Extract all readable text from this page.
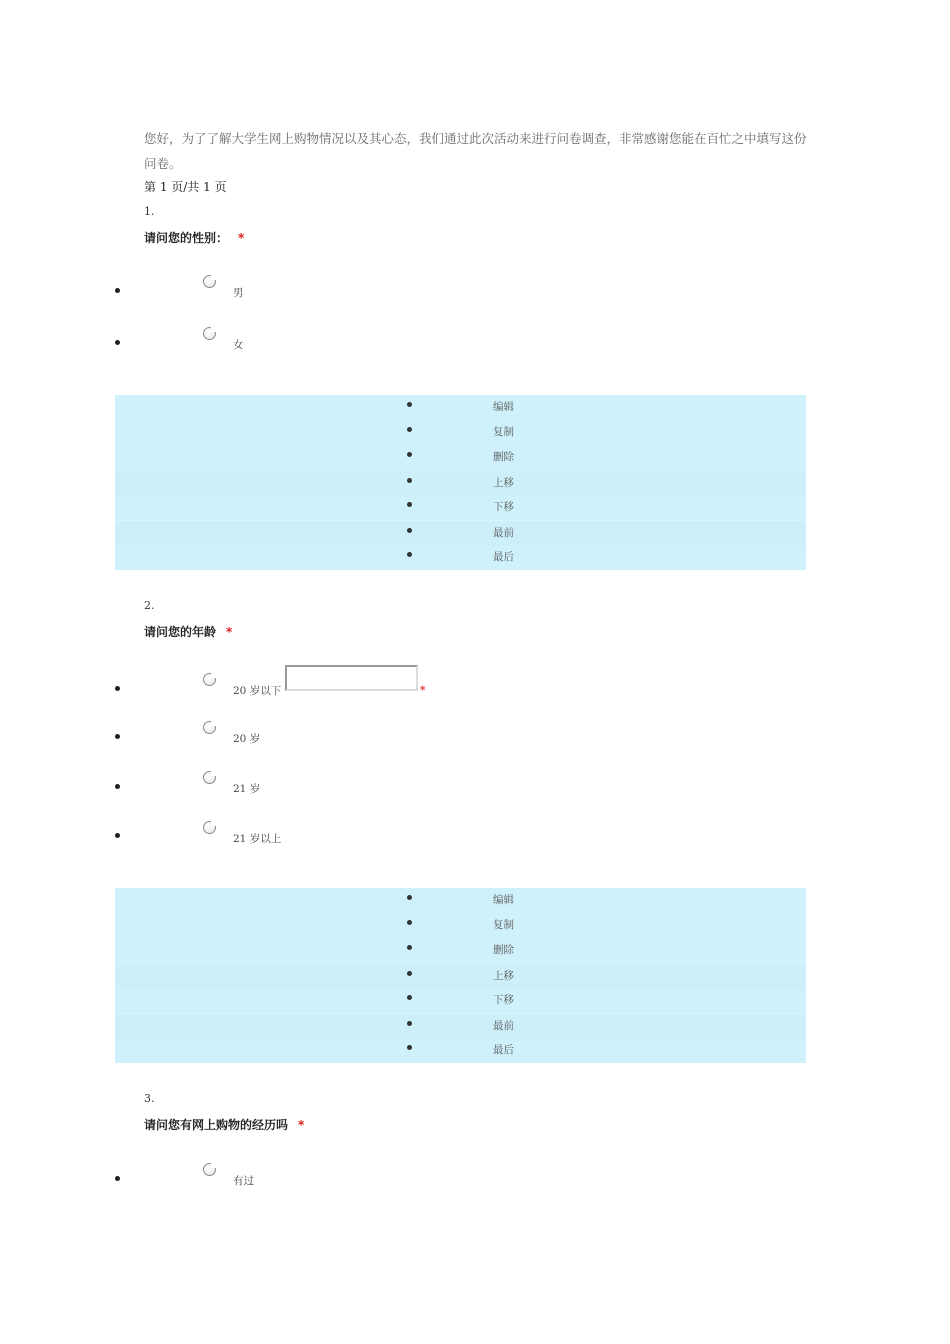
您好，为了了解大学生网上购物情况以及其心态，我们通过此次活动来进行问卷调查，非常感谢您能在百忙之中填写这份问卷。
第 1 页/共 1 页
1.
请问您的性别： *
男
女
编辑
复制
删除
上移
下移
最前
最后
2.
请问您的年龄 *
20 岁以下	*
20 岁
21 岁
21 岁以上
编辑
复制
删除
上移
下移
最前
最后
3.
请问您有网上购物的经历吗 *
有过
